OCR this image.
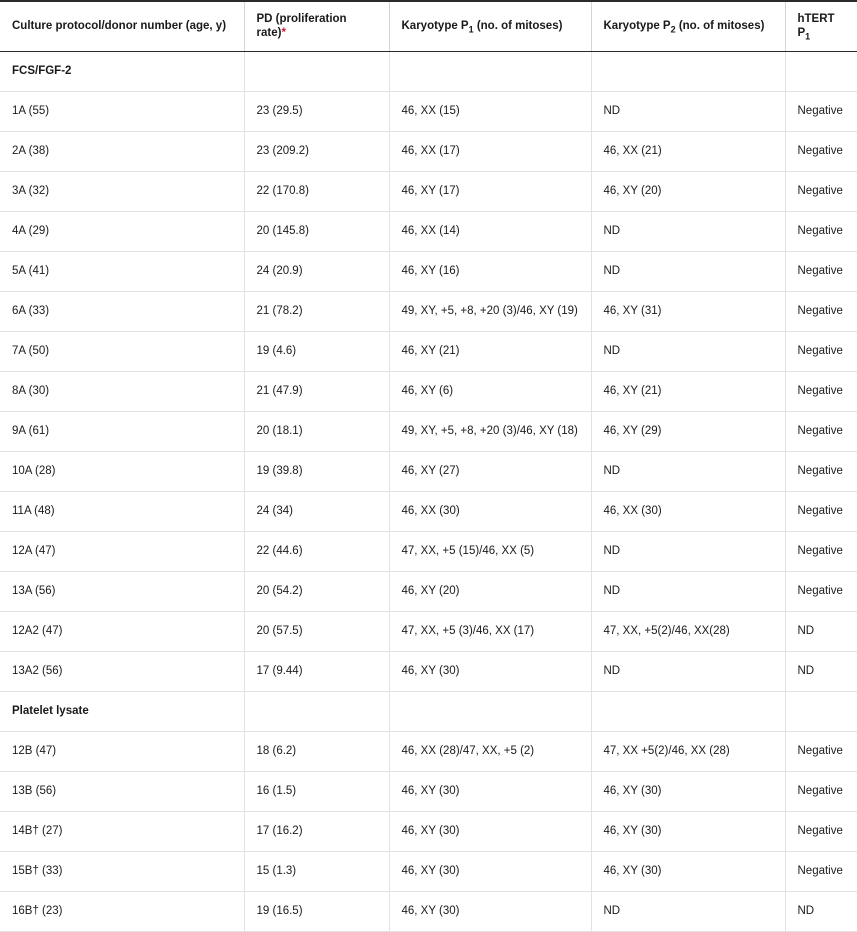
Culture protocol/donor number (age, y)	PD (proliferation rate)*	Karyotype $P_1$ (no. of mitoses)	Karyotype $P_2$ (no. of mitoses)	hTERT $P_1$
FCS/FGF-2				
1A (55)	23 (29.5)	46, XX (15)	ND	Negative
2A (38)	23 (209.2)	46, XX (17)	46, XX (21)	Negative
3A (32)	22 (170.8)	46, XY (17)	46, XY (20)	Negative
4A (29)	20 (145.8)	46, XX (14)	ND	Negative
5A (41)	24 (20.9)	46, XY (16)	ND	Negative
6A (33)	21 (78.2)	49, XY, +5, +8, +20 (3)/46, XY (19)	46, XY (31)	Negative
7A (50)	19 (4.6)	46, XY (21)	ND	Negative
8A (30)	21 (47.9)	46, XY (6)	46, XY (21)	Negative
9A (61)	20 (18.1)	49, XY, +5, +8, +20 (3)/46, XY (18)	46, XY (29)	Negative
10A (28)	19 (39.8)	46, XY (27)	ND	Negative
11A (48)	24 (34)	46, XX (30)	46, XX (30)	Negative
12A (47)	22 (44.6)	47, XX, +5 (15)/46, XX (5)	ND	Negative
13A (56)	20 (54.2)	46, XY (20)	ND	Negative
12A2 (47)	20 (57.5)	47, XX, +5 (3)/46, XX (17)	47, XX, +5(2)/46, XX(28)	ND
13A2 (56)	17 (9.44)	46, XY (30)	ND	ND
Platelet lysate				
12B (47)	18 (6.2)	46, XX (28)/47, XX, +5 (2)	47, XX +5(2)/46, XX (28)	Negative
13B (56)	16 (1.5)	46, XY (30)	46, XY (30)	Negative
14B† (27)	17 (16.2)	46, XY (30)	46, XY (30)	Negative
15B† (33)	15 (1.3)	46, XY (30)	46, XY (30)	Negative
16B† (23)	19 (16.5)	46, XY (30)	ND	ND
